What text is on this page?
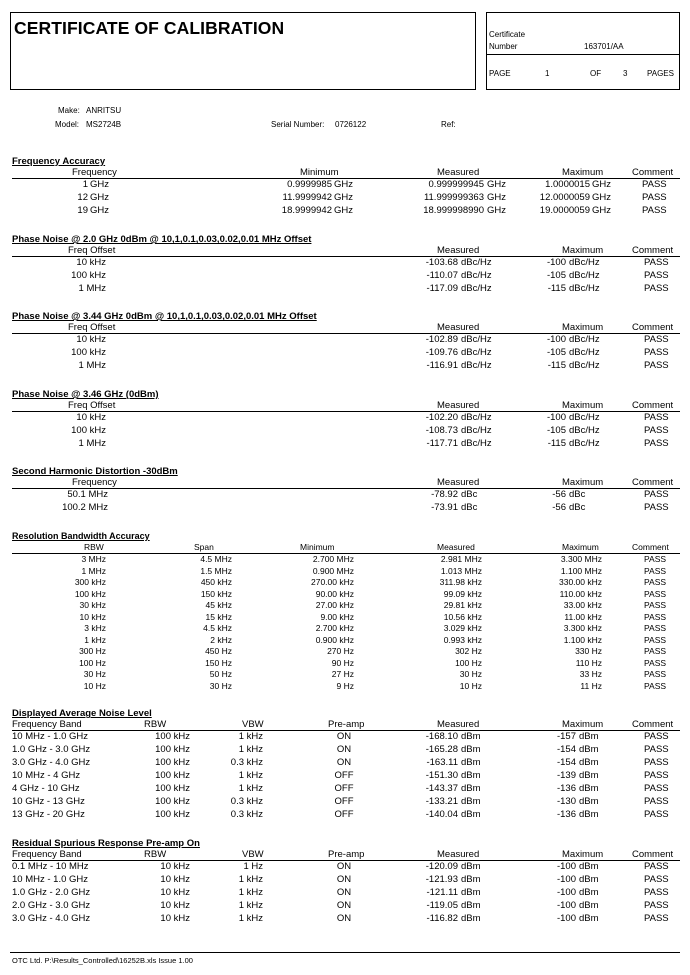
CERTIFICATE OF CALIBRATION	Certificate
Number	163701/AA
PAGE	1	OF	3 PAGES
Make: ANRITSU
Model: MS2724B	Serial Number: 0726122	Ref:
Frequency Accuracy
Frequency	Minimum	Measured	Maximum	Comment
1 GHz	0.9999985 GHz	0.999999945 GHz	1.0000015 GHz	PASS
12 GHz	11.9999942 GHz	11.999999363 GHz	12.0000059 GHz	PASS
19 GHz	18.9999942 GHz	18.999998990 GHz	19.0000059 GHz	PASS
Phase Noise @ 2.0 GHz 0dBm @ 10,1,0.1,0.03,0.02,0.01 MHz Offset
Freq Offset	Measured	Maximum	Comment
10 kHz	-103.68 dBc/Hz	-100 dBc/Hz	PASS
100 kHz	-110.07 dBc/Hz	-105 dBc/Hz	PASS
1 MHz	-117.09 dBc/Hz	-115 dBc/Hz	PASS
Phase Noise @ 3.44 GHz 0dBm @ 10,1,0.1,0.03,0.02,0.01 MHz Offset
Freq Offset	Measured	Maximum	Comment
10 kHz	-102.89 dBc/Hz	-100 dBc/Hz	PASS
100 kHz	-109.76 dBc/Hz	-105 dBc/Hz	PASS
1 MHz	-116.91 dBc/Hz	-115 dBc/Hz	PASS
Phase Noise @ 3.46 GHz (0dBm)
Freq Offset	Measured	Maximum	Comment
10 kHz	-102.20 dBc/Hz	-100 dBc/Hz	PASS
100 kHz	-108.73 dBc/Hz	-105 dBc/Hz	PASS
1 MHz	-117.71 dBc/Hz	-115 dBc/Hz	PASS
Second Harmonic Distortion -30dBm
Frequency	Measured	Maximum	Comment
50.1 MHz	-78.92 dBc	-56 dBc	PASS
100.2 MHz	-73.91 dBc	-56 dBc	PASS
Resolution Bandwidth Accuracy
RBW	Span	Minimum	Measured	Maximum	Comment
3 MHz	4.5 MHz	2.700 MHz	2.981 MHz	3.300 MHz	PASS
1 MHz	1.5 MHz	0.900 MHz	1.013 MHz	1.100 MHz	PASS
300 kHz	450 kHz	270.00 kHz	311.98 kHz	330.00 kHz	PASS
100 kHz	150 kHz	90.00 kHz	99.09 kHz	110.00 kHz	PASS
30 kHz	45 kHz	27.00 kHz	29.81 kHz	33.00 kHz	PASS
10 kHz	15 kHz	9.00 kHz	10.56 kHz	11.00 kHz	PASS
3 kHz	4.5 kHz	2.700 kHz	3.029 kHz	3.300 kHz	PASS
1 kHz	2 kHz	0.900 kHz	0.993 kHz	1.100 kHz	PASS
300 Hz	450 Hz	270 Hz	302 Hz	330 Hz	PASS
100 Hz	150 Hz	90 Hz	100 Hz	110 Hz	PASS
30 Hz	50 Hz	27 Hz	30 Hz	33 Hz	PASS
10 Hz	30 Hz	9 Hz	10 Hz	11 Hz	PASS
Displayed Average Noise Level
Frequency Band	RBW	VBW	Pre-amp	Measured	Maximum	Comment
10 MHz - 1.0 GHz	100 kHz	1 kHz	ON	-168.10 dBm	-157 dBm	PASS
1.0 GHz - 3.0 GHz	100 kHz	1 kHz	ON	-165.28 dBm	-154 dBm	PASS
3.0 GHz - 4.0 GHz	100 kHz	0.3 kHz	ON	-163.11 dBm	-154 dBm	PASS
10 MHz - 4 GHz	100 kHz	1 kHz	OFF	-151.30 dBm	-139 dBm	PASS
4 GHz - 10 GHz	100 kHz	1 kHz	OFF	-143.37 dBm	-136 dBm	PASS
10 GHz - 13 GHz	100 kHz	0.3 kHz	OFF	-133.21 dBm	-130 dBm	PASS
13 GHz - 20 GHz	100 kHz	0.3 kHz	OFF	-140.04 dBm	-136 dBm	PASS
Residual Spurious Response Pre-amp On
Frequency Band	RBW	VBW	Pre-amp	Measured	Maximum	Comment
0.1 MHz - 10 MHz	10 kHz	1 Hz	ON	-120.09 dBm	-100 dBm	PASS
10 MHz - 1.0 GHz	10 kHz	1 kHz	ON	-121.93 dBm	-100 dBm	PASS
1.0 GHz - 2.0 GHz	10 kHz	1 kHz	ON	-121.11 dBm	-100 dBm	PASS
2.0 GHz - 3.0 GHz	10 kHz	1 kHz	ON	-119.05 dBm	-100 dBm	PASS
3.0 GHz - 4.0 GHz	10 kHz	1 kHz	ON	-116.82 dBm	-100 dBm	PASS
OTC Ltd. P:\Results_Controlled\16252B.xls Issue 1.00
